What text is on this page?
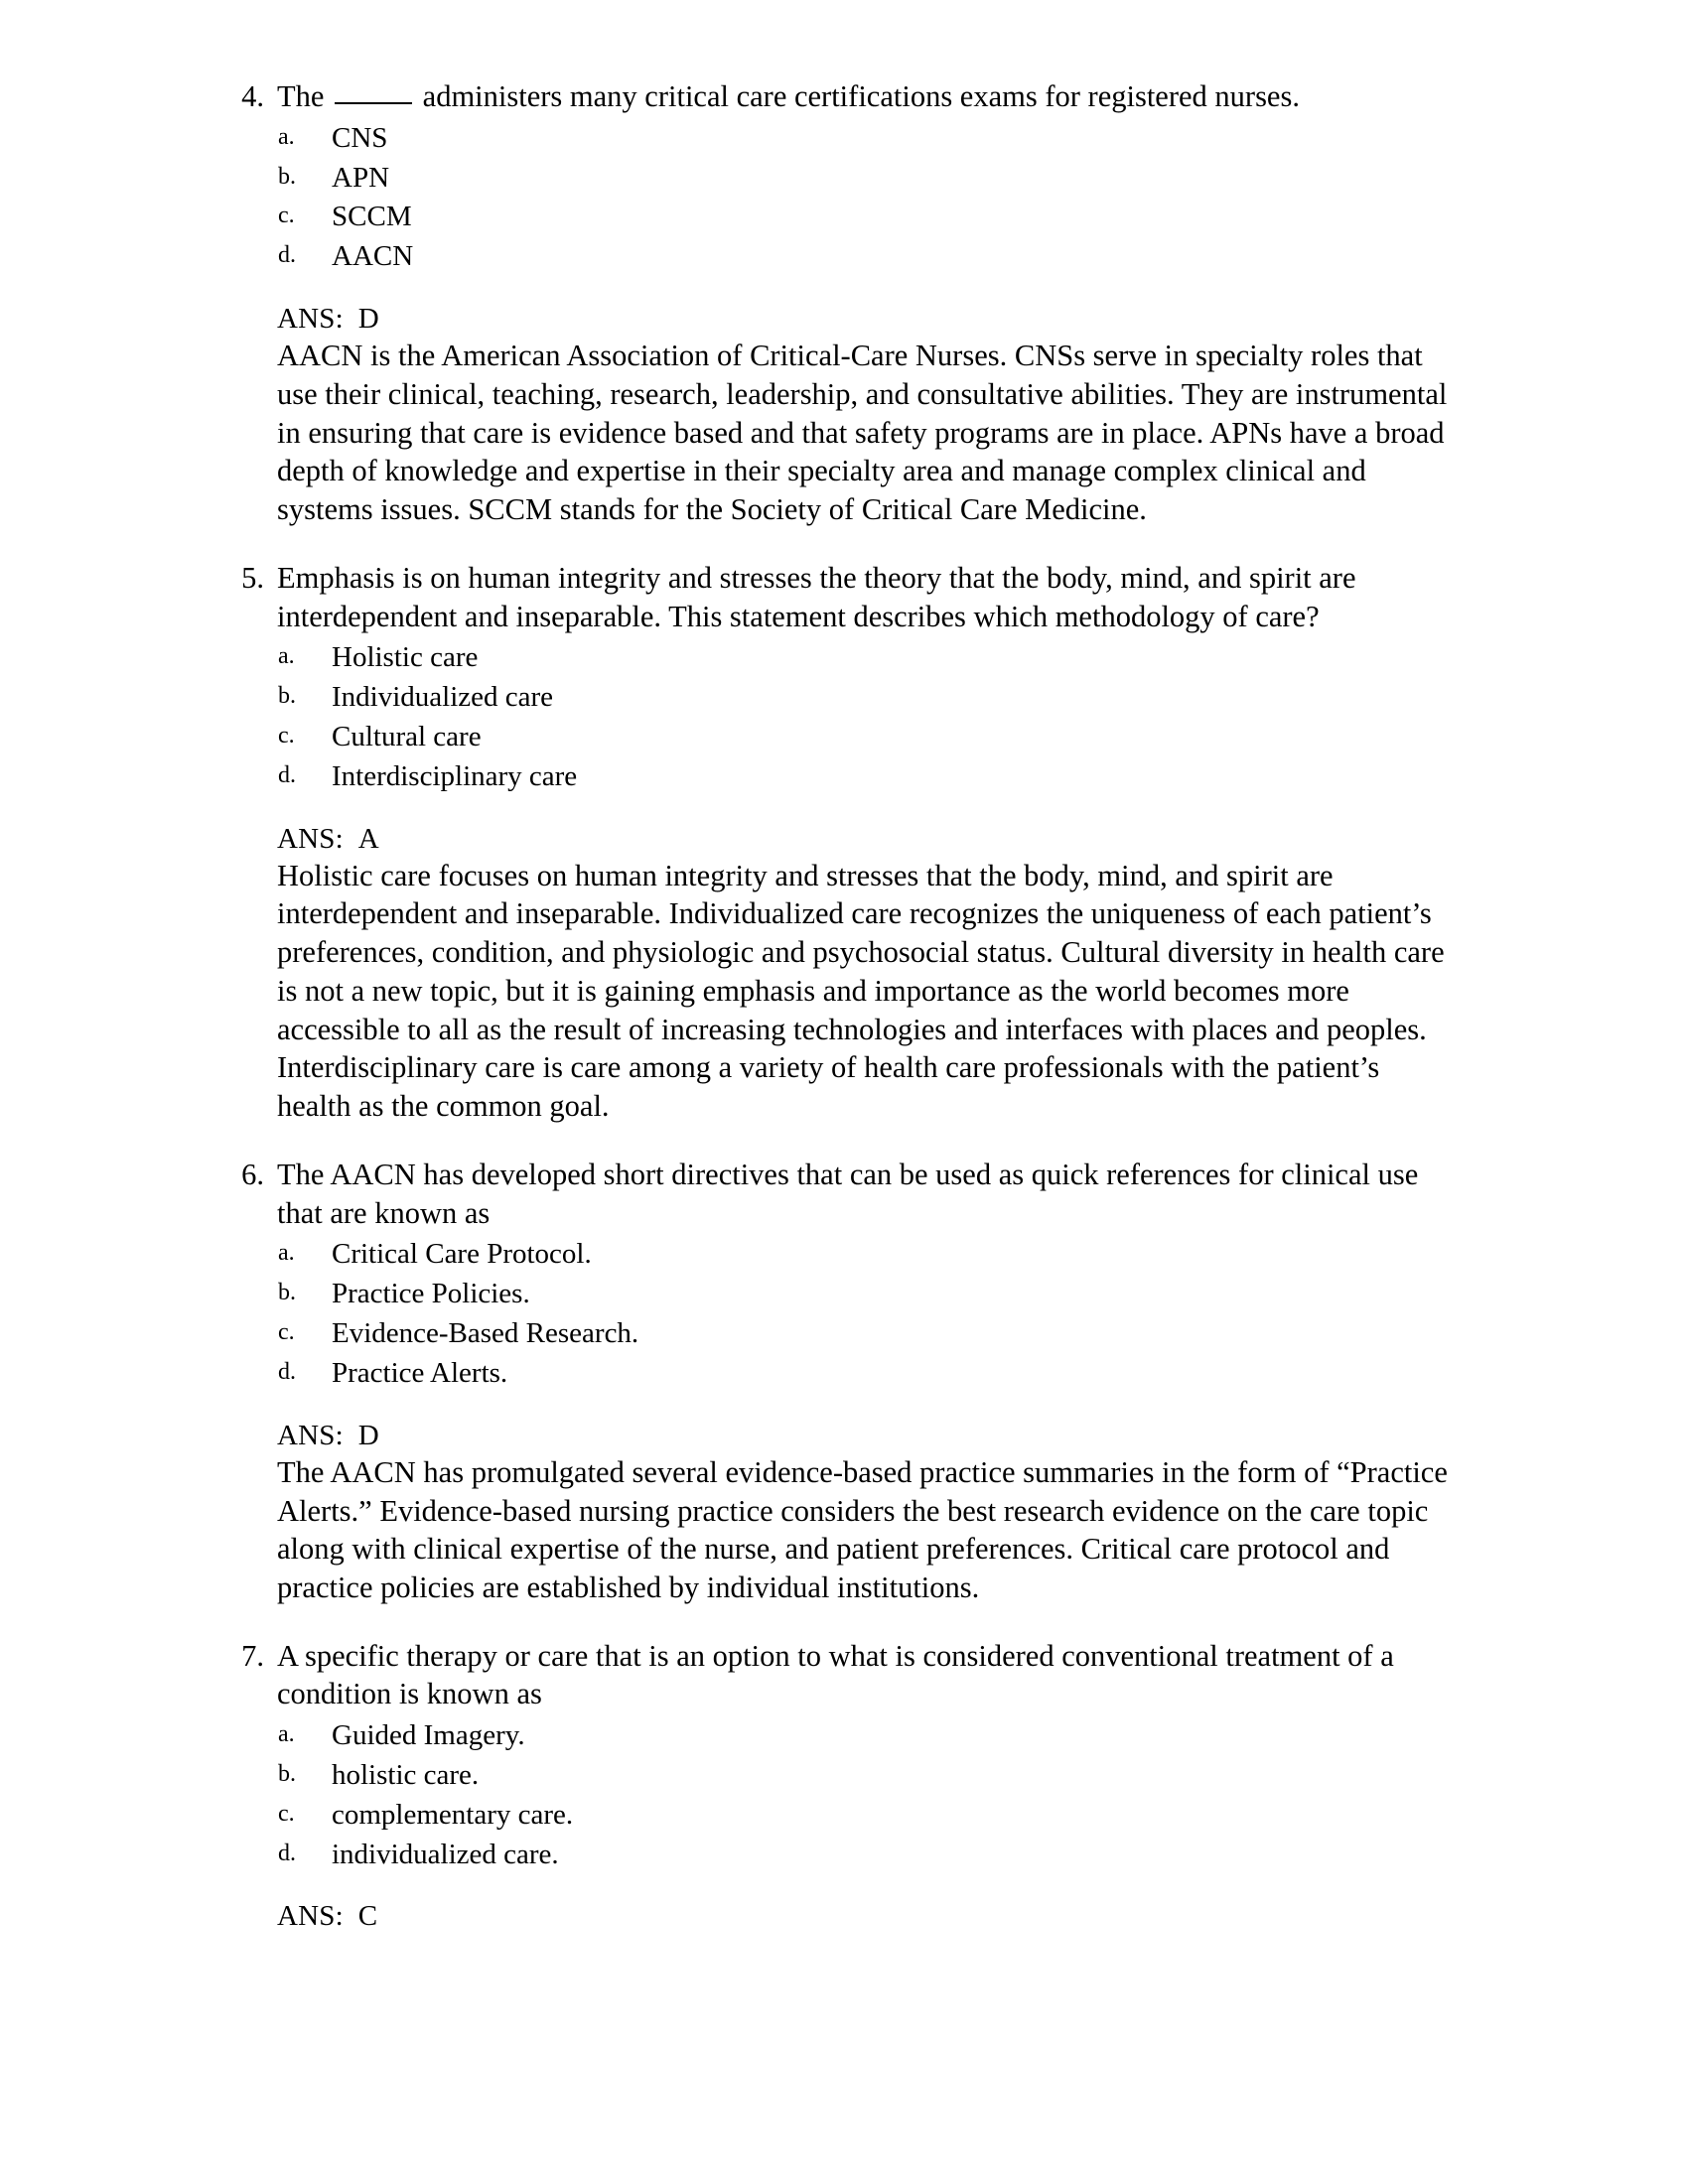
4. The	administers many critical care certifications exams for registered nurses.
a. CNS
b. APN
c. SCCM
d. AACN
ANS: D

AACN is the American Association of Critical-Care Nurses. CNSs serve in specialty roles that use their clinical, teaching, research, leadership, and consultative abilities. They are instrumental in ensuring that care is evidence based and that safety programs are in place. APNs have a broad depth of knowledge and expertise in their specialty area and manage complex clinical and systems issues. SCCM stands for the Society of Critical Care Medicine.

5. Emphasis is on human integrity and stresses the theory that the body, mind, and spirit are interdependent and inseparable. This statement describes which methodology of care?
a. Holistic care
b. Individualized care
c. Cultural care
d. Interdisciplinary care
ANS: A

Holistic care focuses on human integrity and stresses that the body, mind, and spirit are interdependent and inseparable. Individualized care recognizes the uniqueness of each patient’s preferences, condition, and physiologic and psychosocial status. Cultural diversity in health care is not a new topic, but it is gaining emphasis and importance as the world becomes more accessible to all as the result of increasing technologies and interfaces with places and peoples. Interdisciplinary care is care among a variety of health care professionals with the patient’s health as the common goal.

6. The AACN has developed short directives that can be used as quick references for clinical use that are known as
a. Critical Care Protocol.
b. Practice Policies.
c. Evidence-Based Research.
d. Practice Alerts.
ANS: D

The AACN has promulgated several evidence-based practice summaries in the form of “Practice Alerts.” Evidence-based nursing practice considers the best research evidence on the care topic along with clinical expertise of the nurse, and patient preferences. Critical care protocol and practice policies are established by individual institutions.

7. A specific therapy or care that is an option to what is considered conventional treatment of a condition is known as
a. Guided Imagery.
b. holistic care.
c. complementary care.
d. individualized care.
ANS: C
